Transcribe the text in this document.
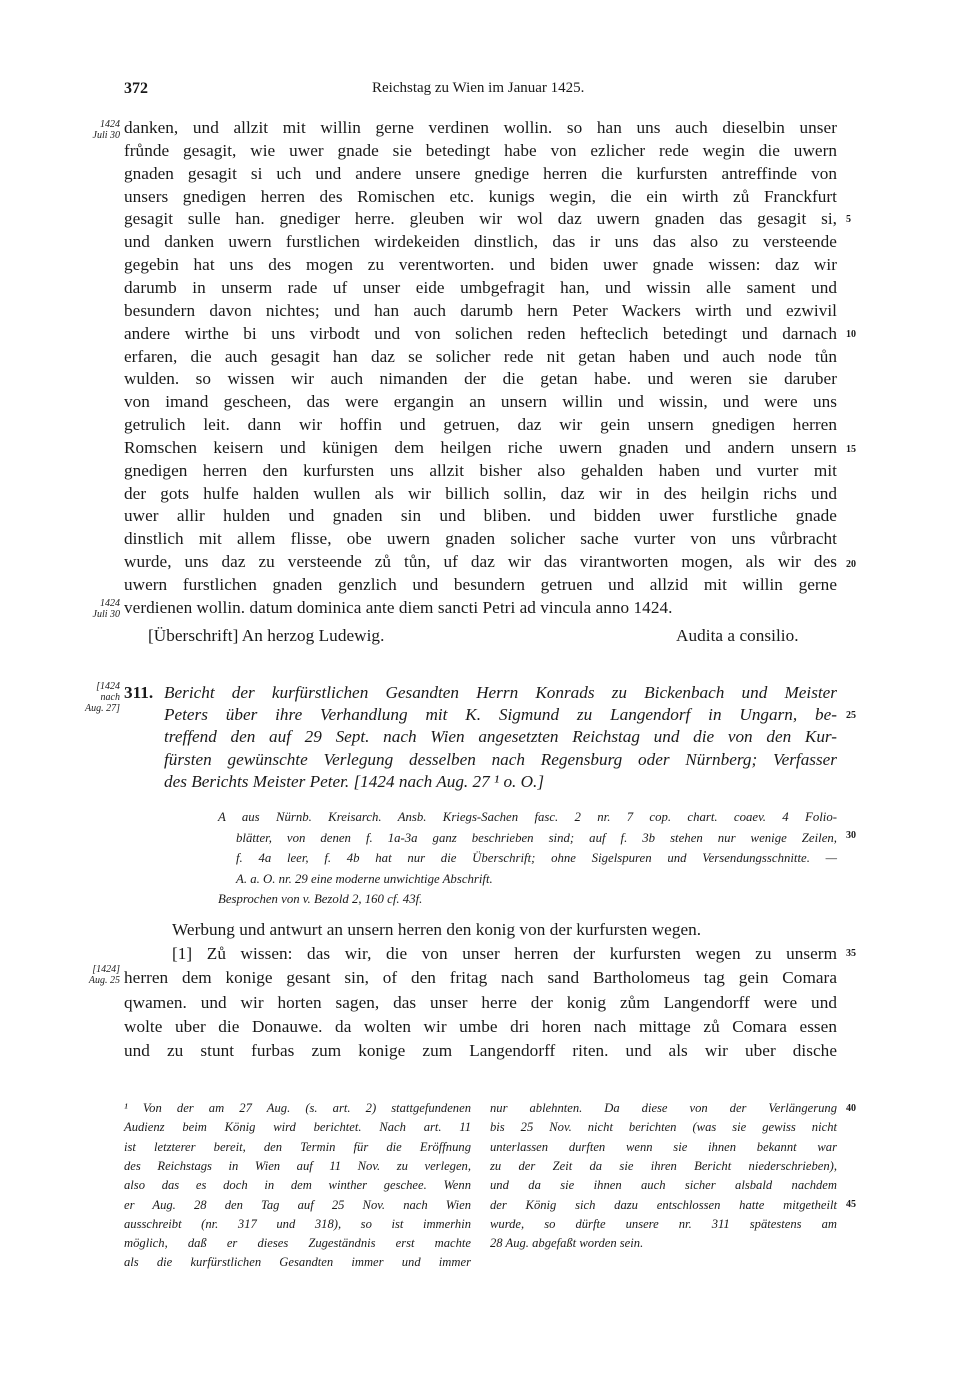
372	Reichstag zu Wien im Januar 1425.
1424
Juli 30
1424
Juli 30
[1424
nach
Aug. 27]
[1424]
Aug. 25
danken, und allzit mit willin gerne verdinen wollin. so han uns auch dieselbin unser
frůnde gesagit, wie uwer gnade sie betedingt habe von ezlicher rede wegin die uwern
gnaden gesagit si uch und andere unsere gnedige herren die kurfursten antreffinde von
unsers gnedigen herren des Romischen etc. kunigs wegin, die ein wirth zů Franckfurt
gesagit sulle han. gnediger herre. gleuben wir wol daz uwern gnaden das gesagit si,
und danken uwern furstlichen wirdekeiden dinstlich, das ir uns das also zu versteende
gegebin hat uns des mogen zu verentworten. und biden uwer gnade wissen: daz wir
darumb in unserm rade uf unser eide umbgefragit han, und wissin alle sament und
besundern davon nichtes; und han auch darumb hern Peter Wackers wirth und ezwivil
andere wirthe bi uns virbodt und von solichen reden hefteclich betedingt und darnach
erfaren, die auch gesagit han daz se solicher rede nit getan haben und auch node tůn
wulden. so wissen wir auch nimanden der die getan habe. und weren sie daruber
von imand gescheen, das were ergangin an unsern willin und wissin, und were uns
getrulich leit. dann wir hoffin und getruen, daz wir gein unsern gnedigen herren
Romschen keisern und künigen dem heilgen riche uwern gnaden und andern unsern
gnedigen herren den kurfursten uns allzit bisher also gehalden haben und vurter mit
der gots hulfe halden wullen als wir billich sollin, daz wir in des heilgin richs und
uwer allir hulden und gnaden sin und bliben. und bidden uwer furstliche gnade
dinstlich mit allem flisse, obe uwern gnaden solicher sache vurter von uns vůrbracht
wurde, uns daz zu versteende zů tůn, uf daz wir das virantworten mogen, als wir des
uwern furstlichen gnaden genzlich und besundern getruen und allzid mit willin gerne
verdienen wollin. datum dominica ante diem sancti Petri ad vincula anno 1424.
[Überschrift] An herzog Ludewig.	Audita a consilio.
311. Bericht der kurfürstlichen Gesandten Herrn Konrads zu Bickenbach und Meister
Peters über ihre Verhandlung mit K. Sigmund zu Langendorf in Ungarn, be-
treffend den auf 29 Sept. nach Wien angesetzten Reichstag und die von den Kur-
fürsten gewünschte Verlegung desselben nach Regensburg oder Nürnberg; Verfasser
des Berichts Meister Peter. [1424 nach Aug. 27 ¹ o. O.]
A aus Nürnb. Kreisarch. Ansb. Kriegs-Sachen fasc. 2 nr. 7 cop. chart. coaev. 4 Folio-
blätter, von denen f. 1a-3a ganz beschrieben sind; auf f. 3b stehen nur wenige Zeilen,
f. 4a leer, f. 4b hat nur die Überschrift; ohne Sigelspuren und Versendungsschnitte. —
A. a. O. nr. 29 eine moderne unwichtige Abschrift.
Besprochen von v. Bezold 2, 160 cf. 43f.
Werbung und antwurt an unsern herren den konig von der kurfursten wegen.
[1] Zů wissen: das wir, die von unser herren der kurfursten wegen zu unserm
herren dem konige gesant sin, of den fritag nach sand Bartholomeus tag gein Comara
qwamen. und wir horten sagen, das unser herre der konig zům Langendorff were und
wolte uber die Donauwe. da wolten wir umbe dri horen nach mittage zů Comara essen
und zu stunt furbas zum konige zum Langendorff riten. und als wir uber dische
5
10
15
20
25
30
35
40
45
¹ Von der am 27 Aug. (s. art. 2) stattgefundenen
Audienz beim König wird berichtet. Nach art. 11
ist letzterer bereit, den Termin für die Eröffnung
des Reichstags in Wien auf 11 Nov. zu verlegen,
also das es doch in dem winther geschee. Wenn
er Aug. 28 den Tag auf 25 Nov. nach Wien
ausschreibt (nr. 317 und 318), so ist immerhin
möglich, daß er dieses Zugeständnis erst machte
als die kurfürstlichen Gesandten immer und immer
nur ablehnten. Da diese von der Verlängerung
bis 25 Nov. nicht berichten (was sie gewiss nicht
unterlassen durften wenn sie ihnen bekannt war
zu der Zeit da sie ihren Bericht niederschrieben),
und da sie ihnen auch sicher alsbald nachdem
der König sich dazu entschlossen hatte mitgetheilt
wurde, so dürfte unsere nr. 311 spätestens am
28 Aug. abgefaßt worden sein.
